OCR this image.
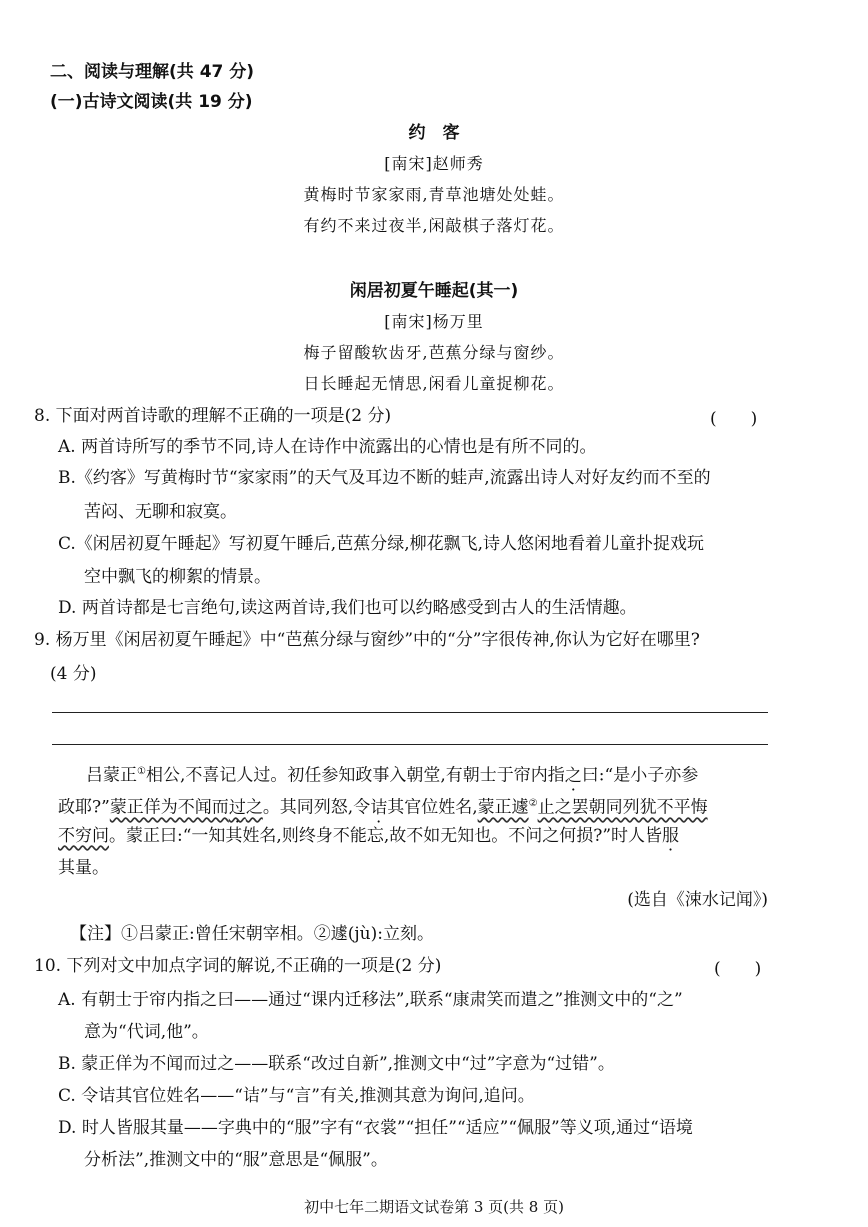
二、阅读与理解(共 47 分)
(一)古诗文阅读(共 19 分)
约　客
[南宋]赵师秀
黄梅时节家家雨,青草池塘处处蛙。
有约不来过夜半,闲敲棋子落灯花。
闲居初夏午睡起(其一)
[南宋]杨万里
梅子留酸软齿牙,芭蕉分绿与窗纱。
日长睡起无情思,闲看儿童捉柳花。
8. 下面对两首诗歌的理解不正确的一项是(2 分)	(　　)
A. 两首诗所写的季节不同,诗人在诗作中流露出的心情也是有所不同的。
B.《约客》写黄梅时节“家家雨”的天气及耳边不断的蛙声,流露出诗人对好友约而不至的
苦闷、无聊和寂寞。
C.《闲居初夏午睡起》写初夏午睡后,芭蕉分绿,柳花飘飞,诗人悠闲地看着儿童扑捉戏玩
空中飘飞的柳絮的情景。
D. 两首诗都是七言绝句,读这两首诗,我们也可以约略感受到古人的生活情趣。
9. 杨万里《闲居初夏午睡起》中“芭蕉分绿与窗纱”中的“分”字很传神,你认为它好在哪里?
(4 分)
吕蒙正①相公,不喜记人过。初任参知政事入朝堂,有朝士于帘内指之曰:“是小子亦参
政耶?”蒙正佯为不闻而过之。其同列怒,令诘其官位姓名,蒙正遽②止之罢朝同列犹不平悔
不穷问。蒙正曰:“一知其姓名,则终身不能忘,故不如无知也。不问之何损?”时人皆服
其量。
(选自《涑水记闻》)
【注】①吕蒙正:曾任宋朝宰相。②遽(jù):立刻。
10. 下列对文中加点字词的解说,不正确的一项是(2 分)	(　　)
A. 有朝士于帘内指之曰——通过“课内迁移法”,联系“康肃笑而遣之”推测文中的“之”
意为“代词,他”。
B. 蒙正佯为不闻而过之——联系“改过自新”,推测文中“过”字意为“过错”。
C. 令诘其官位姓名——“诘”与“言”有关,推测其意为询问,追问。
D. 时人皆服其量——字典中的“服”字有“衣裳”“担任”“适应”“佩服”等义项,通过“语境
分析法”,推测文中的“服”意思是“佩服”。
初中七年二期语文试卷第 3 页(共 8 页)
